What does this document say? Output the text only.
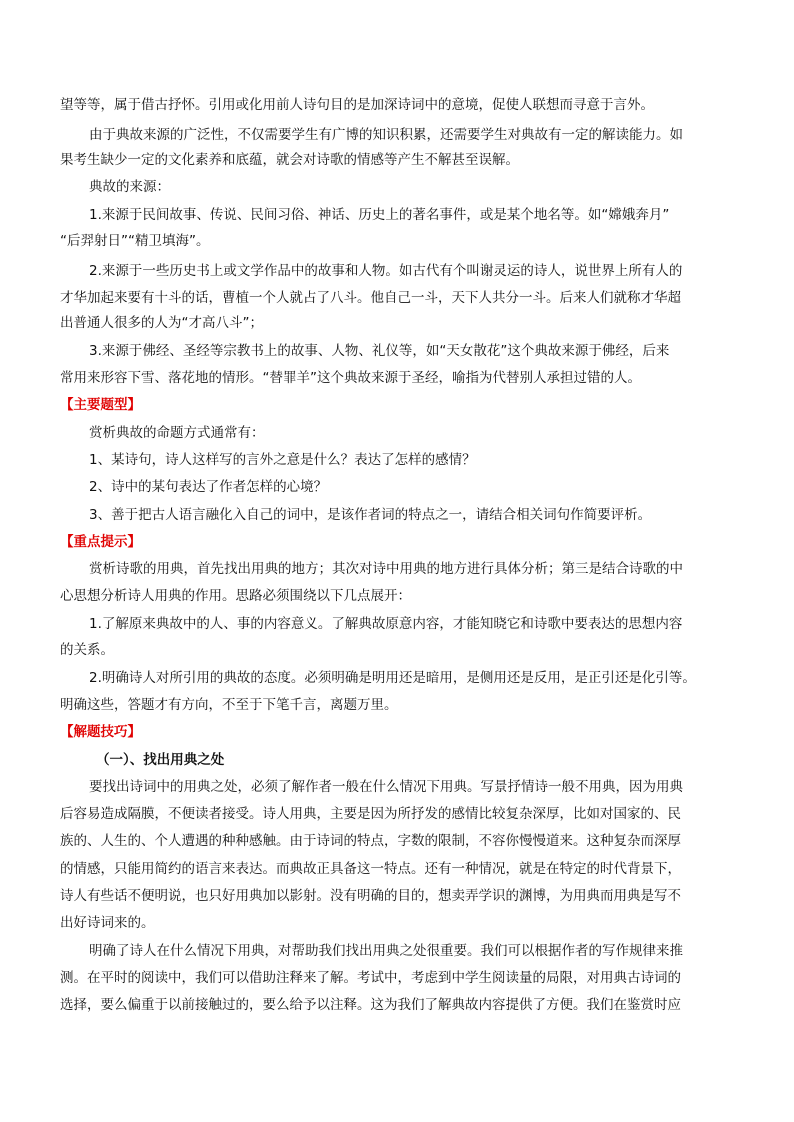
望等等，属于借古抒怀。引用或化用前人诗句目的是加深诗词中的意境，促使人联想而寻意于言外。
由于典故来源的广泛性，不仅需要学生有广博的知识积累，还需要学生对典故有一定的解读能力。如
果考生缺少一定的文化素养和底蕴，就会对诗歌的情感等产生不解甚至误解。
典故的来源：
1.来源于民间故事、传说、民间习俗、神话、历史上的著名事件，或是某个地名等。如“嫦娥奔月”
“后羿射日”“精卫填海”。
2.来源于一些历史书上或文学作品中的故事和人物。如古代有个叫谢灵运的诗人，说世界上所有人的
才华加起来要有十斗的话，曹植一个人就占了八斗。他自己一斗，天下人共分一斗。后来人们就称才华超
出普通人很多的人为“才高八斗”；
3.来源于佛经、圣经等宗教书上的故事、人物、礼仪等，如“天女散花”这个典故来源于佛经，后来
常用来形容下雪、落花地的情形。“替罪羊”这个典故来源于圣经，喻指为代替别人承担过错的人。
【主要题型】
赏析典故的命题方式通常有：
1、某诗句，诗人这样写的言外之意是什么？表达了怎样的感情？
2、诗中的某句表达了作者怎样的心境？
3、善于把古人语言融化入自己的词中，是该作者词的特点之一，请结合相关词句作简要评析。
【重点提示】
赏析诗歌的用典，首先找出用典的地方；其次对诗中用典的地方进行具体分析；第三是结合诗歌的中
心思想分析诗人用典的作用。思路必须围绕以下几点展开：
1.了解原来典故中的人、事的内容意义。了解典故原意内容，才能知晓它和诗歌中要表达的思想内容
的关系。
2.明确诗人对所引用的典故的态度。必须明确是明用还是暗用，是侧用还是反用，是正引还是化引等。
明确这些，答题才有方向，不至于下笔千言，离题万里。
【解题技巧】
（一）、找出用典之处
要找出诗词中的用典之处，必须了解作者一般在什么情况下用典。写景抒情诗一般不用典，因为用典
后容易造成隔膜，不便读者接受。诗人用典，主要是因为所抒发的感情比较复杂深厚，比如对国家的、民
族的、人生的、个人遭遇的种种感触。由于诗词的特点，字数的限制，不容你慢慢道来。这种复杂而深厚
的情感，只能用简约的语言来表达。而典故正具备这一特点。还有一种情况，就是在特定的时代背景下，
诗人有些话不便明说，也只好用典加以影射。没有明确的目的，想卖弄学识的渊博，为用典而用典是写不
出好诗词来的。
明确了诗人在什么情况下用典，对帮助我们找出用典之处很重要。我们可以根据作者的写作规律来推
测。在平时的阅读中，我们可以借助注释来了解。考试中，考虑到中学生阅读量的局限，对用典古诗词的
选择，要么偏重于以前接触过的，要么给予以注释。这为我们了解典故内容提供了方便。我们在鉴赏时应
